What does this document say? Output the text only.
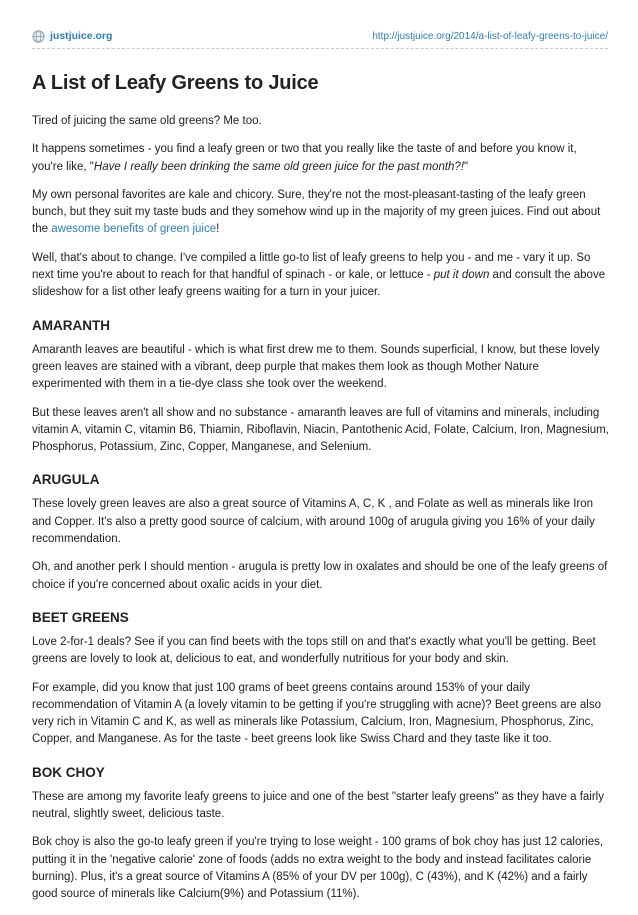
justjuice.org	http://justjuice.org/2014/a-list-of-leafy-greens-to-juice/
A List of Leafy Greens to Juice

Tired of juicing the same old greens? Me too.

It happens sometimes - you find a leafy green or two that you really like the taste of and before you know it, you're like, "Have I really been drinking the same old green juice for the past month?!"

My own personal favorites are kale and chicory. Sure, they're not the most-pleasant-tasting of the leafy green bunch, but they suit my taste buds and they somehow wind up in the majority of my green juices. Find out about the awesome benefits of green juice!

Well, that's about to change. I've compiled a little go-to list of leafy greens to help you - and me - vary it up. So next time you're about to reach for that handful of spinach - or kale, or lettuce - put it down and consult the above slideshow for a list other leafy greens waiting for a turn in your juicer.

AMARANTH

Amaranth leaves are beautiful - which is what first drew me to them. Sounds superficial, I know, but these lovely green leaves are stained with a vibrant, deep purple that makes them look as though Mother Nature experimented with them in a tie-dye class she took over the weekend.

But these leaves aren't all show and no substance - amaranth leaves are full of vitamins and minerals, including vitamin A, vitamin C, vitamin B6, Thiamin, Riboflavin, Niacin, Pantothenic Acid, Folate, Calcium, Iron, Magnesium, Phosphorus, Potassium, Zinc, Copper, Manganese, and Selenium.

ARUGULA

These lovely green leaves are also a great source of Vitamins A, C, K , and Folate as well as minerals like Iron and Copper. It's also a pretty good source of calcium, with around 100g of arugula giving you 16% of your daily recommendation.

Oh, and another perk I should mention - arugula is pretty low in oxalates and should be one of the leafy greens of choice if you're concerned about oxalic acids in your diet.

BEET GREENS

Love 2-for-1 deals? See if you can find beets with the tops still on and that's exactly what you'll be getting. Beet greens are lovely to look at, delicious to eat, and wonderfully nutritious for your body and skin.

For example, did you know that just 100 grams of beet greens contains around 153% of your daily recommendation of Vitamin A (a lovely vitamin to be getting if you're struggling with acne)? Beet greens are also very rich in Vitamin C and K, as well as minerals like Potassium, Calcium, Iron, Magnesium, Phosphorus, Zinc, Copper, and Manganese. As for the taste - beet greens look like Swiss Chard and they taste like it too.

BOK CHOY

These are among my favorite leafy greens to juice and one of the best "starter leafy greens" as they have a fairly neutral, slightly sweet, delicious taste.

Bok choy is also the go-to leafy green if you're trying to lose weight - 100 grams of bok choy has just 12 calories, putting it in the 'negative calorie' zone of foods (adds no extra weight to the body and instead facilitates calorie burning). Plus, it's a great source of Vitamins A (85% of your DV per 100g), C (43%), and K (42%) and a fairly good source of minerals like Calcium(9%) and Potassium (11%).
